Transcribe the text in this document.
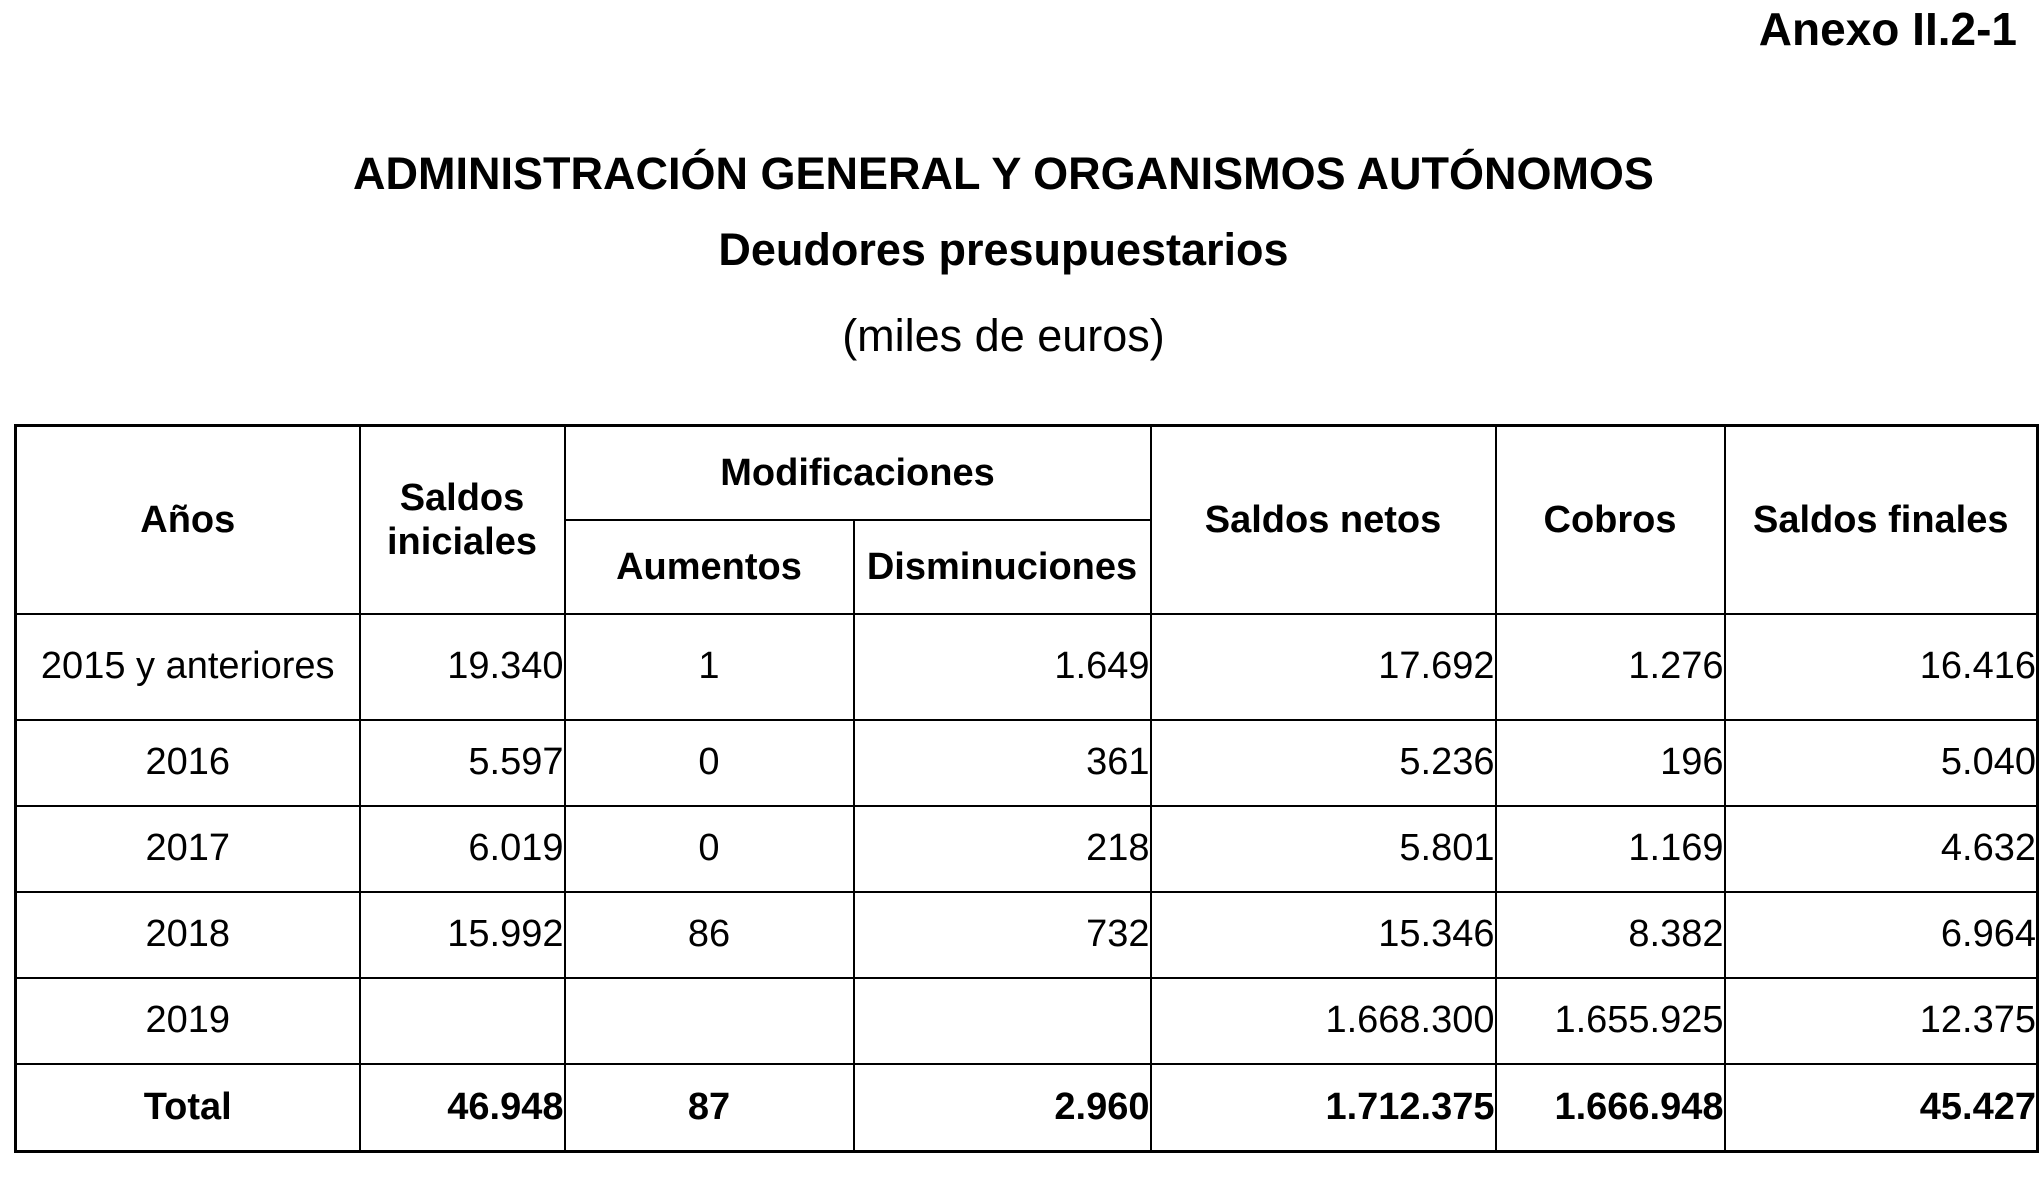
Anexo II.2-1
ADMINISTRACIÓN GENERAL Y ORGANISMOS AUTÓNOMOS
Deudores presupuestarios
(miles de euros)
Años	Saldos iniciales	Modificaciones		Saldos netos	Cobros	Saldos finales
		Aumentos	Disminuciones			
2015 y anteriores	19.340	1	1.649	17.692	1.276	16.416
2016	5.597	0	361	5.236	196	5.040
2017	6.019	0	218	5.801	1.169	4.632
2018	15.992	86	732	15.346	8.382	6.964
2019				1.668.300	1.655.925	12.375
Total	46.948	87	2.960	1.712.375	1.666.948	45.427
